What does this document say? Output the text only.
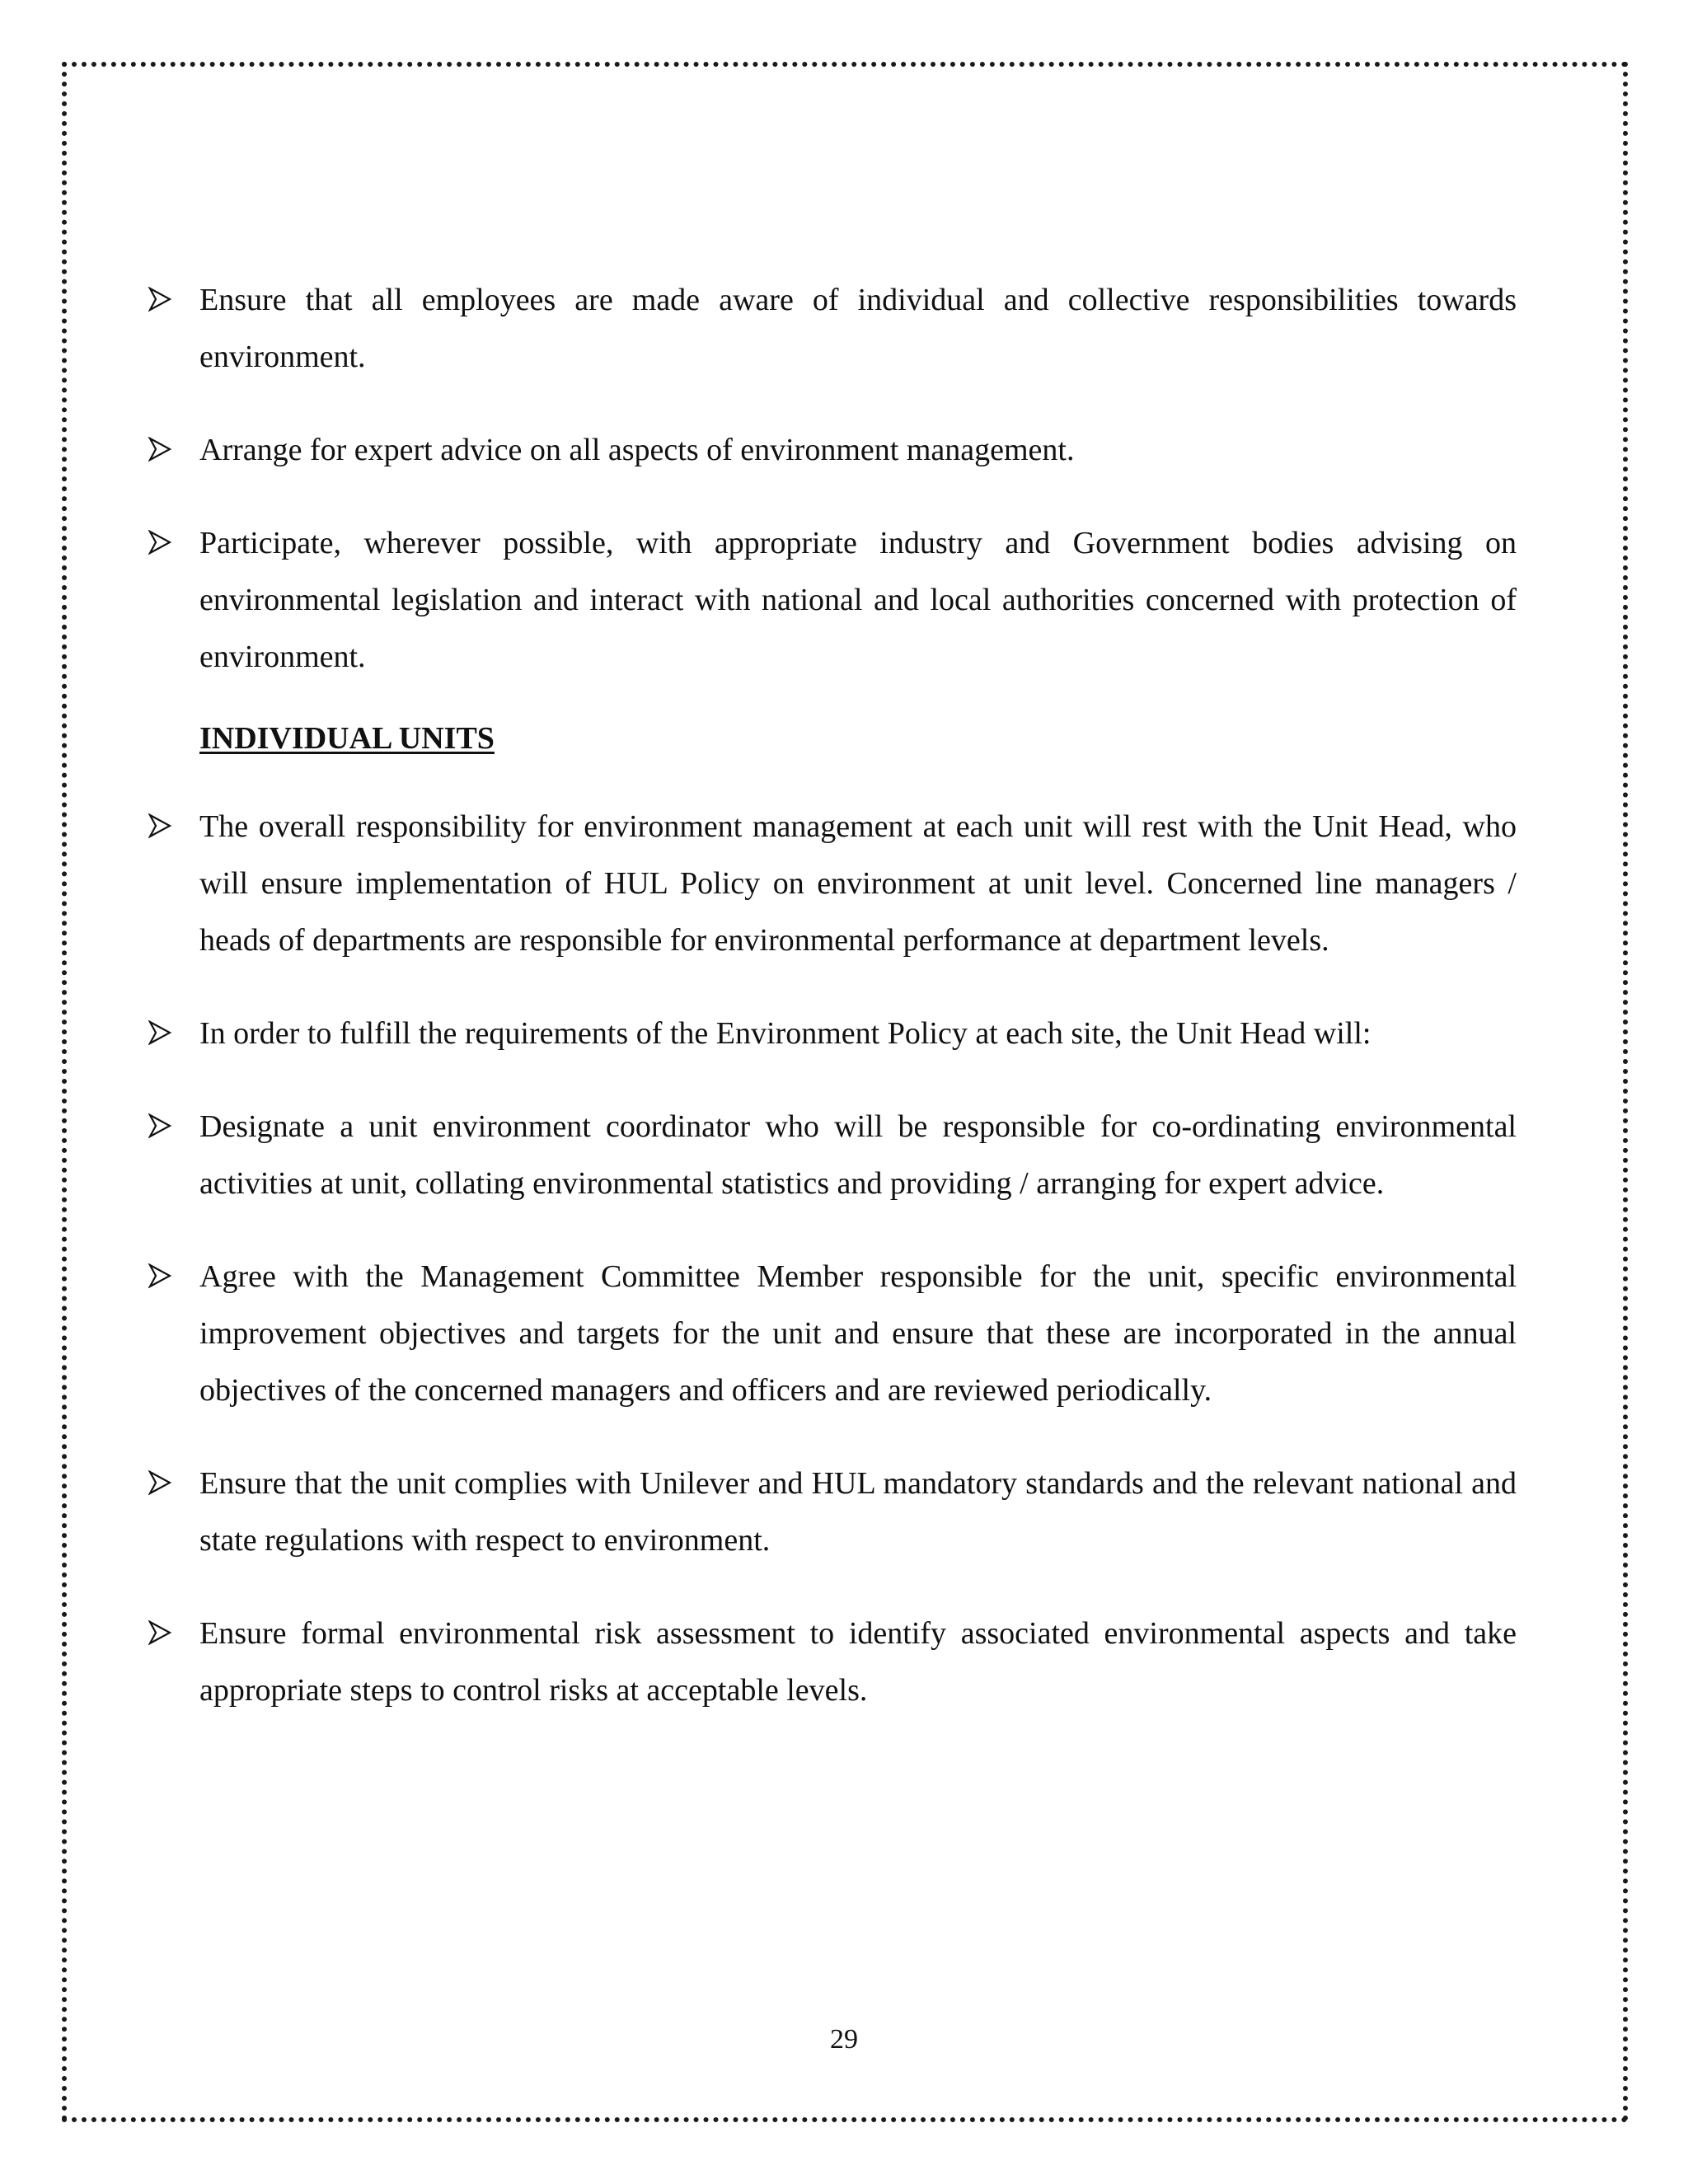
Ensure that all employees are made aware of individual and collective responsibilities towards environment.
Arrange for expert advice on all aspects of environment management.
Participate, wherever possible, with appropriate industry and Government bodies advising on environmental legislation and interact with national and local authorities concerned with protection of environment.
INDIVIDUAL UNITS
The overall responsibility for environment management at each unit will rest with the Unit Head, who will ensure implementation of HUL Policy on environment at unit level. Concerned line managers / heads of departments are responsible for environmental performance at department levels.
In order to fulfill the requirements of the Environment Policy at each site, the Unit Head will:
Designate a unit environment coordinator who will be responsible for co-ordinating environmental activities at unit, collating environmental statistics and providing / arranging for expert advice.
Agree with the Management Committee Member responsible for the unit, specific environmental improvement objectives and targets for the unit and ensure that these are incorporated in the annual objectives of the concerned managers and officers and are reviewed periodically.
Ensure that the unit complies with Unilever and HUL mandatory standards and the relevant national and state regulations with respect to environment.
Ensure formal environmental risk assessment to identify associated environmental aspects and take appropriate steps to control risks at acceptable levels.
29
